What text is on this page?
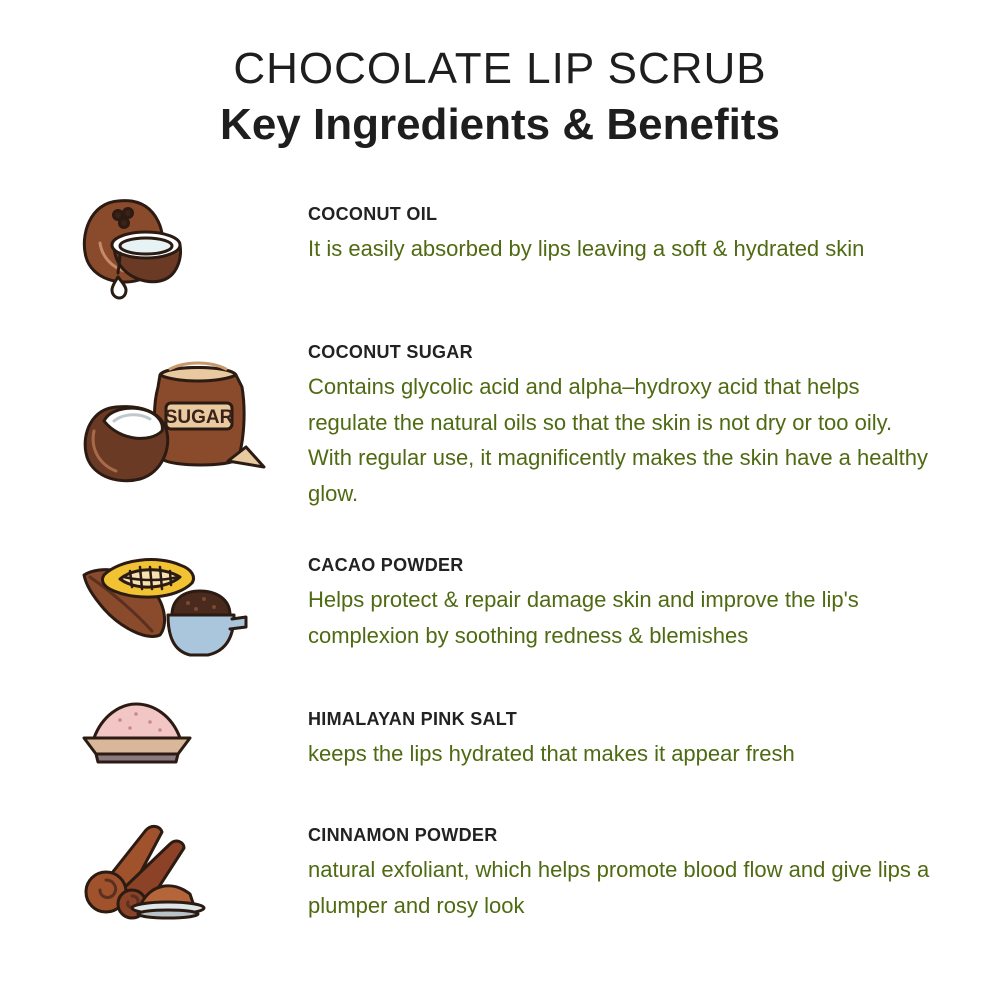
CHOCOLATE LIP SCRUB
Key Ingredients & Benefits
COCONUT OIL
It is easily absorbed by lips leaving a soft & hydrated skin
SUGAR
COCONUT SUGAR
Contains glycolic acid and alpha–hydroxy acid that helps regulate the natural oils so that the skin is not dry or too oily. With regular use, it magnificently makes the skin have a healthy glow.
CACAO POWDER
Helps protect & repair damage skin and improve the lip's complexion by soothing redness & blemishes
HIMALAYAN PINK SALT
keeps the lips hydrated that makes it appear fresh
CINNAMON POWDER
natural exfoliant, which helps promote blood flow and give lips a plumper and rosy look
